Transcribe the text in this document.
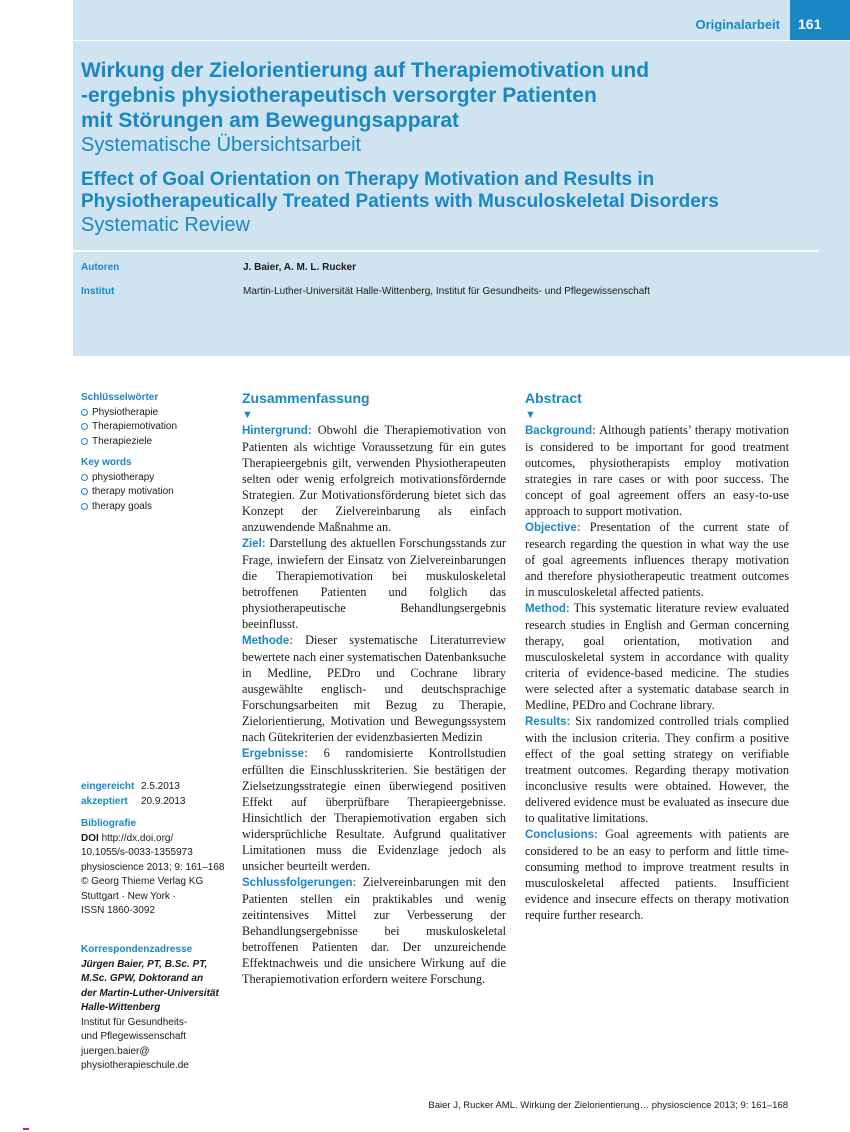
Originalarbeit	161

Wirkung der Zielorientierung auf Therapiemotivation und

-ergebnis physiotherapeutisch versorgter Patienten

mit Störungen am Bewegungsapparat

Systematische Übersichtsarbeit

Effect of Goal Orientation on Therapy Motivation and Results in

Physiotherapeutically Treated Patients with Musculoskeletal Disorders

Systematic Review

Autoren	J. Baier, A. M. L. Rucker
Institut	Martin-Luther-Universität Halle-Wittenberg, Institut für Gesundheits- und Pflegewissenschaft
Schlüsselwörter
Physiotherapie
Therapiemotivation
Therapieziele
Key words
physiotherapy
therapy motivation
therapy goals
eingereicht 2.5.2013
akzeptiert 20.9.2013
Bibliografie
DOI http://dx.doi.org/
10.1055/s-0033-1355973
physioscience 2013; 9: 161–168
© Georg Thieme Verlag KG
Stuttgart · New York ·
ISSN 1860-3092
Korrespondenzadresse
Jürgen Baier, PT, B.Sc. PT,
M.Sc. GPW, Doktorand an
der Martin-Luther-Universität
Halle-Wittenberg
Institut für Gesundheits-
und Pflegewissenschaft
juergen.baier@
physiotherapieschule.de

Zusammenfassung

▼

Hintergrund: Obwohl die Therapiemotivation von Patienten als wichtige Voraussetzung für ein gutes Therapieergebnis gilt, verwenden Physiotherapeuten selten oder wenig erfolgreich motivationsfördernde Strategien. Zur Motivationsförderung bietet sich das Konzept der Zielvereinbarung als einfach anzuwendende Maßnahme an.

Ziel: Darstellung des aktuellen Forschungsstands zur Frage, inwiefern der Einsatz von Zielvereinbarungen die Therapiemotivation bei muskuloskeletal betroffenen Patienten und folglich das physiotherapeutische Behandlungsergebnis beeinflusst.

Methode: Dieser systematische Literaturreview bewertete nach einer systematischen Datenbanksuche in Medline, PEDro und Cochrane library ausgewählte englisch- und deutschsprachige Forschungsarbeiten mit Bezug zu Therapie, Zielorientierung, Motivation und Bewegungssystem nach Gütekriterien der evidenzbasierten Medizin

Ergebnisse: 6 randomisierte Kontrollstudien erfüllten die Einschlusskriterien. Sie bestätigen der Zielsetzungsstrategie einen überwiegend positiven Effekt auf überprüfbare Therapieergebnisse. Hinsichtlich der Therapiemotivation ergaben sich widersprüchliche Resultate. Aufgrund qualitativer Limitationen muss die Evidenzlage jedoch als unsicher beurteilt werden.

Schlussfolgerungen: Zielvereinbarungen mit den Patienten stellen ein praktikables und wenig zeitintensives Mittel zur Verbesserung der Behandlungsergebnisse bei muskuloskeletal betroffenen Patienten dar. Der unzureichende Effektnachweis und die unsichere Wirkung auf die Therapiemotivation erfordern weitere Forschung.

Abstract

▼

Background: Although patients’ therapy motivation is considered to be important for good treatment outcomes, physiotherapists employ motivation strategies in rare cases or with poor success. The concept of goal agreement offers an easy-to-use approach to support motivation.

Objective: Presentation of the current state of research regarding the question in what way the use of goal agreements influences therapy motivation and therefore physiotherapeutic treatment outcomes in musculoskeletal affected patients.

Method: This systematic literature review evaluated research studies in English and German concerning therapy, goal orientation, motivation and musculoskeletal system in accordance with quality criteria of evidence-based medicine. The studies were selected after a systematic database search in Medline, PEDro and Cochrane library.

Results: Six randomized controlled trials complied with the inclusion criteria. They confirm a positive effect of the goal setting strategy on verifiable treatment outcomes. Regarding therapy motivation inconclusive results were obtained. However, the delivered evidence must be evaluated as insecure due to qualitative limitations.

Conclusions: Goal agreements with patients are considered to be an easy to perform and little time-consuming method to improve treatment results in musculoskeletal affected patients. Insufficient evidence and insecure effects on therapy motivation require further research.

Baier J, Rucker AML. Wirkung der Zielorientierung… physioscience 2013; 9: 161–168
